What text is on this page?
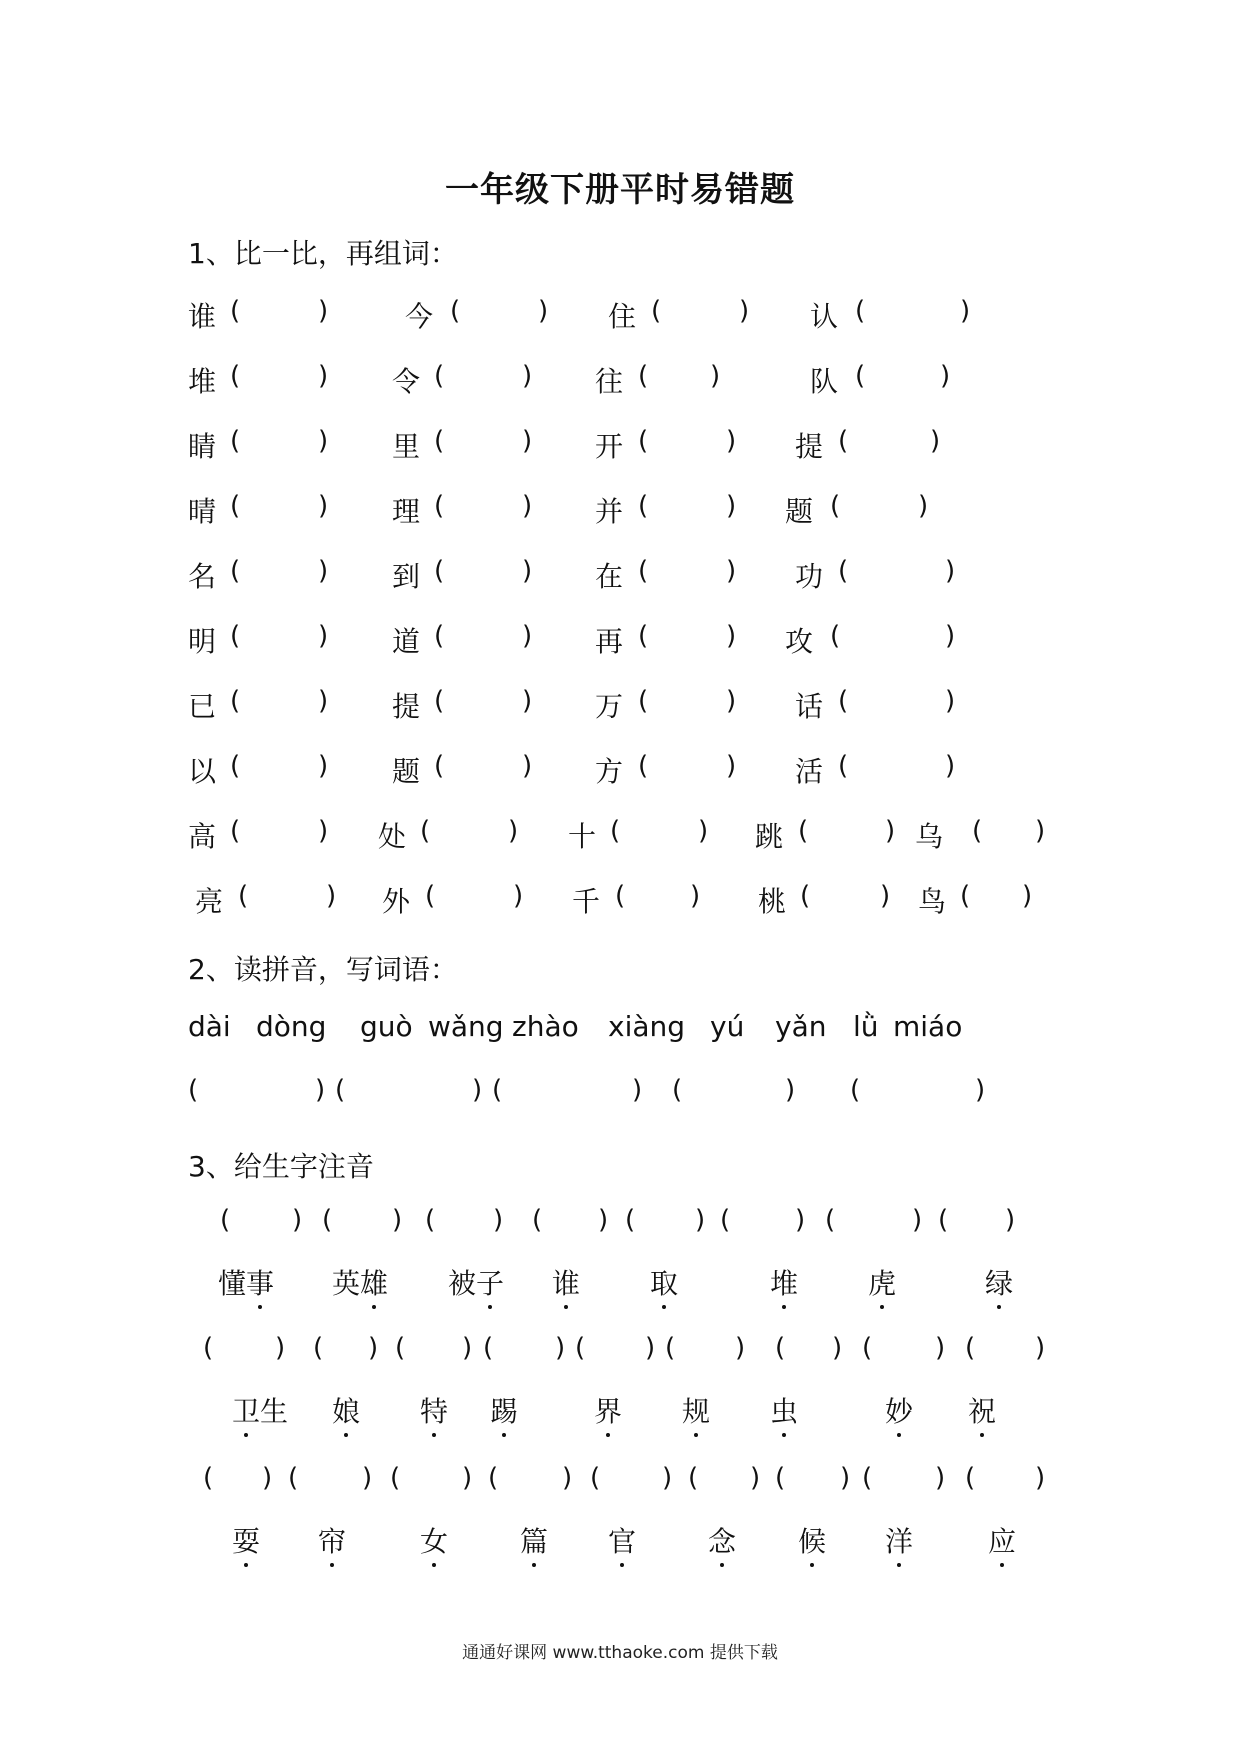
一年级下册平时易错题
1、比一比，再组词：
2、读拼音，写词语：
3、给生字注音
通通好课网 www.tthaoke.com 提供下载
谁 (	)	今 (	) 住 (	) 认 (	)
堆 (	) 令 (	) 往 ( )	队 (	)
睛 (	) 里 (	) 开 (	) 提 (	)
晴 (	) 理 (	) 并 (	) 题 (	)
名 (	) 到 (	) 在 (	) 功 (	)
明 (	) 道 (	) 再 (	) 攻 (	)
已 (	) 提 (	) 万 (	) 话 (	)
以 (	) 题 (	) 方 (	) 活 (	)
高 (	) 处 (	) 十 (	) 跳 (	) 乌 ( )
亮 (	) 外 (	) 千 ( ) 桃 (	) 鸟 ( )
dài dòng guò wǎng zhào xiàng yú yǎn lǜ miáo
(	) (	) (	) (	) (	)
( ) ( ) ( ) ( ) ( ) ( ) (	) ( )
( ) ( ) ( ) ( ) ( ) ( ) ( ) ( ) ( )
( ) ( ) ( ) ( ) ( ) ( ) ( ) ( ) ( )
懂事 英雄 被子 谁 取	堆 虎	绿
卫生 娘 特 踢	界 规 虫	妙 祝
耍 帘	女	篇 官	念 候 洋	应
